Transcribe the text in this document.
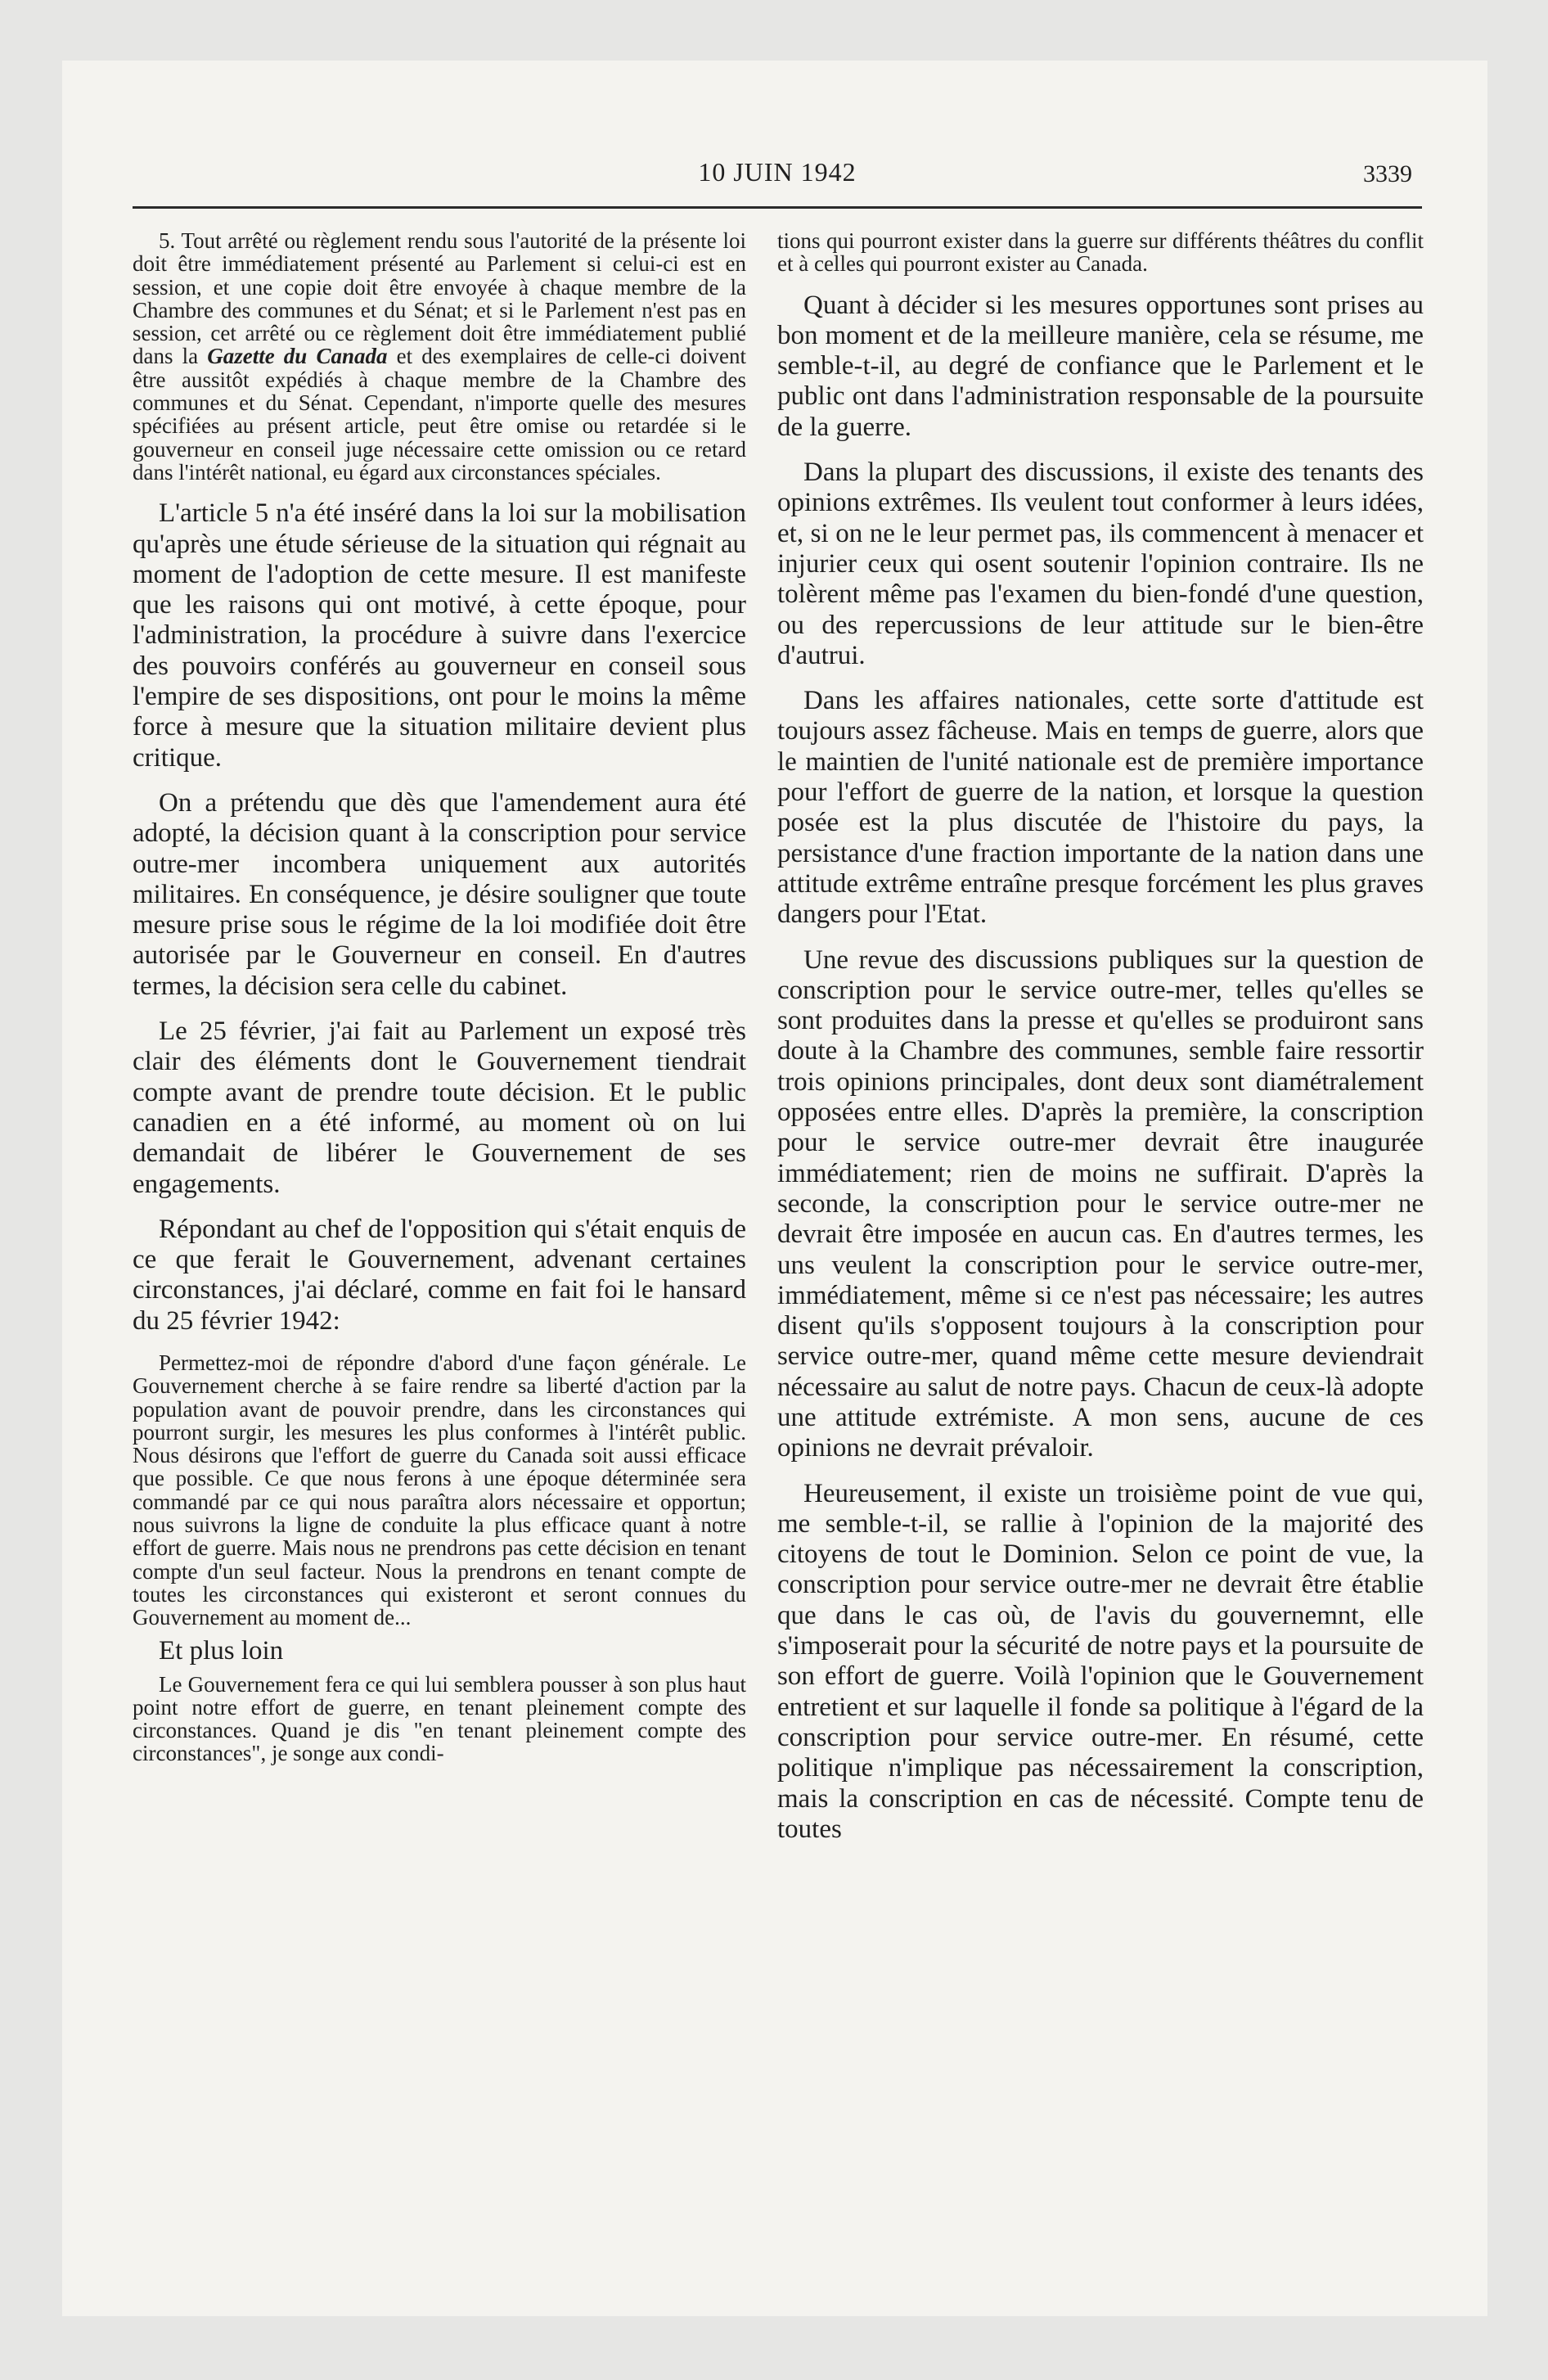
10 JUIN 1942	3339

5. Tout arrêté ou règlement rendu sous l'autorité de la présente loi doit être immédiatement présenté au Parlement si celui-ci est en session, et une copie doit être envoyée à chaque membre de la Chambre des communes et du Sénat; et si le Parlement n'est pas en session, cet arrêté ou ce règlement doit être immédiatement publié dans la Gazette du Canada et des exemplaires de celle-ci doivent être aussitôt expédiés à chaque membre de la Chambre des communes et du Sénat. Cependant, n'importe quelle des mesures spécifiées au présent article, peut être omise ou retardée si le gouverneur en conseil juge nécessaire cette omission ou ce retard dans l'intérêt national, eu égard aux circonstances spéciales.

L'article 5 n'a été inséré dans la loi sur la mobilisation qu'après une étude sérieuse de la situation qui régnait au moment de l'adoption de cette mesure. Il est manifeste que les raisons qui ont motivé, à cette époque, pour l'administration, la procédure à suivre dans l'exercice des pouvoirs conférés au gouverneur en conseil sous l'empire de ses dispositions, ont pour le moins la même force à mesure que la situation militaire devient plus critique.

On a prétendu que dès que l'amendement aura été adopté, la décision quant à la conscription pour service outre-mer incombera uniquement aux autorités militaires. En conséquence, je désire souligner que toute mesure prise sous le régime de la loi modifiée doit être autorisée par le Gouverneur en conseil. En d'autres termes, la décision sera celle du cabinet.

Le 25 février, j'ai fait au Parlement un exposé très clair des éléments dont le Gouvernement tiendrait compte avant de prendre toute décision. Et le public canadien en a été informé, au moment où on lui demandait de libérer le Gouvernement de ses engagements.

Répondant au chef de l'opposition qui s'était enquis de ce que ferait le Gouvernement, advenant certaines circonstances, j'ai déclaré, comme en fait foi le hansard du 25 février 1942:

Permettez-moi de répondre d'abord d'une façon générale. Le Gouvernement cherche à se faire rendre sa liberté d'action par la population avant de pouvoir prendre, dans les circonstances qui pourront surgir, les mesures les plus conformes à l'intérêt public. Nous désirons que l'effort de guerre du Canada soit aussi efficace que possible. Ce que nous ferons à une époque déterminée sera commandé par ce qui nous paraîtra alors nécessaire et opportun; nous suivrons la ligne de conduite la plus efficace quant à notre effort de guerre. Mais nous ne prendrons pas cette décision en tenant compte d'un seul facteur. Nous la prendrons en tenant compte de toutes les circonstances qui existeront et seront connues du Gouvernement au moment de...

Et plus loin

Le Gouvernement fera ce qui lui semblera pousser à son plus haut point notre effort de guerre, en tenant pleinement compte des circonstances. Quand je dis "en tenant pleinement compte des circonstances", je songe aux condi-

tions qui pourront exister dans la guerre sur différents théâtres du conflit et à celles qui pourront exister au Canada.

Quant à décider si les mesures opportunes sont prises au bon moment et de la meilleure manière, cela se résume, me semble-t-il, au degré de confiance que le Parlement et le public ont dans l'administration responsable de la poursuite de la guerre.

Dans la plupart des discussions, il existe des tenants des opinions extrêmes. Ils veulent tout conformer à leurs idées, et, si on ne le leur permet pas, ils commencent à menacer et injurier ceux qui osent soutenir l'opinion contraire. Ils ne tolèrent même pas l'examen du bien-fondé d'une question, ou des repercussions de leur attitude sur le bien-être d'autrui.

Dans les affaires nationales, cette sorte d'attitude est toujours assez fâcheuse. Mais en temps de guerre, alors que le maintien de l'unité nationale est de première importance pour l'effort de guerre de la nation, et lorsque la question posée est la plus discutée de l'histoire du pays, la persistance d'une fraction importante de la nation dans une attitude extrême entraîne presque forcément les plus graves dangers pour l'Etat.

Une revue des discussions publiques sur la question de conscription pour le service outre-mer, telles qu'elles se sont produites dans la presse et qu'elles se produiront sans doute à la Chambre des communes, semble faire ressortir trois opinions principales, dont deux sont diamétralement opposées entre elles. D'après la première, la conscription pour le service outre-mer devrait être inaugurée immédiatement; rien de moins ne suffirait. D'après la seconde, la conscription pour le service outre-mer ne devrait être imposée en aucun cas. En d'autres termes, les uns veulent la conscription pour le service outre-mer, immédiatement, même si ce n'est pas nécessaire; les autres disent qu'ils s'opposent toujours à la conscription pour service outre-mer, quand même cette mesure deviendrait nécessaire au salut de notre pays. Chacun de ceux-là adopte une attitude extrémiste. A mon sens, aucune de ces opinions ne devrait prévaloir.

Heureusement, il existe un troisième point de vue qui, me semble-t-il, se rallie à l'opinion de la majorité des citoyens de tout le Dominion. Selon ce point de vue, la conscription pour service outre-mer ne devrait être établie que dans le cas où, de l'avis du gouvernemnt, elle s'imposerait pour la sécurité de notre pays et la poursuite de son effort de guerre. Voilà l'opinion que le Gouvernement entretient et sur laquelle il fonde sa politique à l'égard de la conscription pour service outre-mer. En résumé, cette politique n'implique pas nécessairement la conscription, mais la conscription en cas de nécessité. Compte tenu de toutes
